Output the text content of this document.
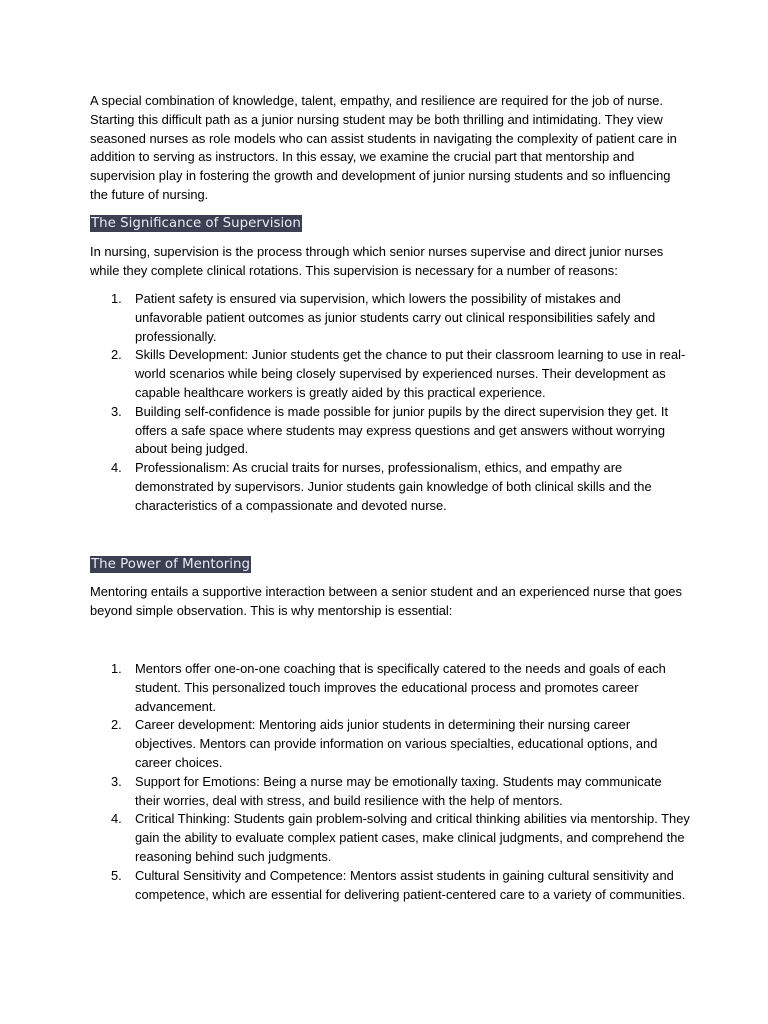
A special combination of knowledge, talent, empathy, and resilience are required for the job of nurse. Starting this difficult path as a junior nursing student may be both thrilling and intimidating. They view seasoned nurses as role models who can assist students in navigating the complexity of patient care in addition to serving as instructors. In this essay, we examine the crucial part that mentorship and supervision play in fostering the growth and development of junior nursing students and so influencing the future of nursing.

The Significance of Supervision

In nursing, supervision is the process through which senior nurses supervise and direct junior nurses while they complete clinical rotations. This supervision is necessary for a number of reasons:

1. Patient safety is ensured via supervision, which lowers the possibility of mistakes and unfavorable patient outcomes as junior students carry out clinical responsibilities safely and professionally.
2. Skills Development: Junior students get the chance to put their classroom learning to use in real-world scenarios while being closely supervised by experienced nurses. Their development as capable healthcare workers is greatly aided by this practical experience.
3. Building self-confidence is made possible for junior pupils by the direct supervision they get. It offers a safe space where students may express questions and get answers without worrying about being judged.
4. Professionalism: As crucial traits for nurses, professionalism, ethics, and empathy are demonstrated by supervisors. Junior students gain knowledge of both clinical skills and the characteristics of a compassionate and devoted nurse.
The Power of Mentoring

Mentoring entails a supportive interaction between a senior student and an experienced nurse that goes beyond simple observation. This is why mentorship is essential:

1. Mentors offer one-on-one coaching that is specifically catered to the needs and goals of each student. This personalized touch improves the educational process and promotes career advancement.
2. Career development: Mentoring aids junior students in determining their nursing career objectives. Mentors can provide information on various specialties, educational options, and career choices.
3. Support for Emotions: Being a nurse may be emotionally taxing. Students may communicate their worries, deal with stress, and build resilience with the help of mentors.
4. Critical Thinking: Students gain problem-solving and critical thinking abilities via mentorship. They gain the ability to evaluate complex patient cases, make clinical judgments, and comprehend the reasoning behind such judgments.
5. Cultural Sensitivity and Competence: Mentors assist students in gaining cultural sensitivity and competence, which are essential for delivering patient-centered care to a variety of communities.
